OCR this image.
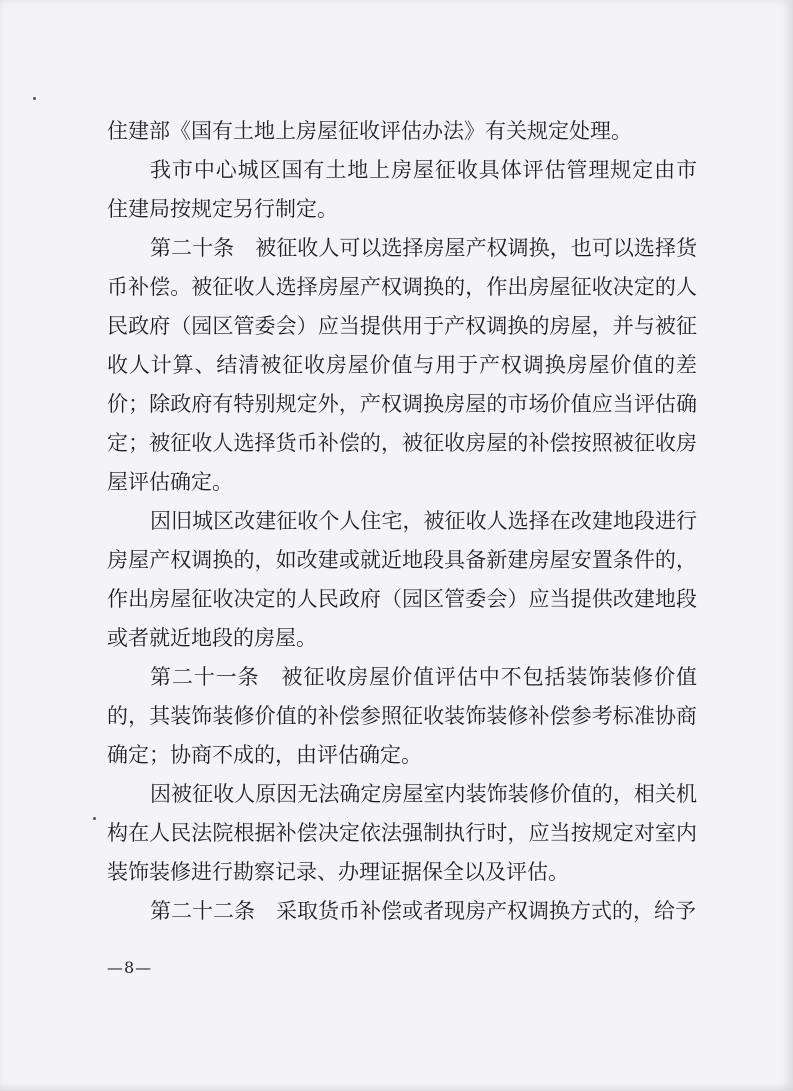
住建部《国有土地上房屋征收评估办法》有关规定处理。
我市中心城区国有土地上房屋征收具体评估管理规定由市
住建局按规定另行制定。
第二十条　被征收人可以选择房屋产权调换，也可以选择货
币补偿。被征收人选择房屋产权调换的，作出房屋征收决定的人
民政府（园区管委会）应当提供用于产权调换的房屋，并与被征
收人计算、结清被征收房屋价值与用于产权调换房屋价值的差
价；除政府有特别规定外，产权调换房屋的市场价值应当评估确
定；被征收人选择货币补偿的，被征收房屋的补偿按照被征收房
屋评估确定。
因旧城区改建征收个人住宅，被征收人选择在改建地段进行
房屋产权调换的，如改建或就近地段具备新建房屋安置条件的，
作出房屋征收决定的人民政府（园区管委会）应当提供改建地段
或者就近地段的房屋。
第二十一条　被征收房屋价值评估中不包括装饰装修价值
的，其装饰装修价值的补偿参照征收装饰装修补偿参考标准协商
确定；协商不成的，由评估确定。
因被征收人原因无法确定房屋室内装饰装修价值的，相关机
构在人民法院根据补偿决定依法强制执行时，应当按规定对室内
装饰装修进行勘察记录、办理证据保全以及评估。
第二十二条　采取货币补偿或者现房产权调换方式的，给予
—8—
